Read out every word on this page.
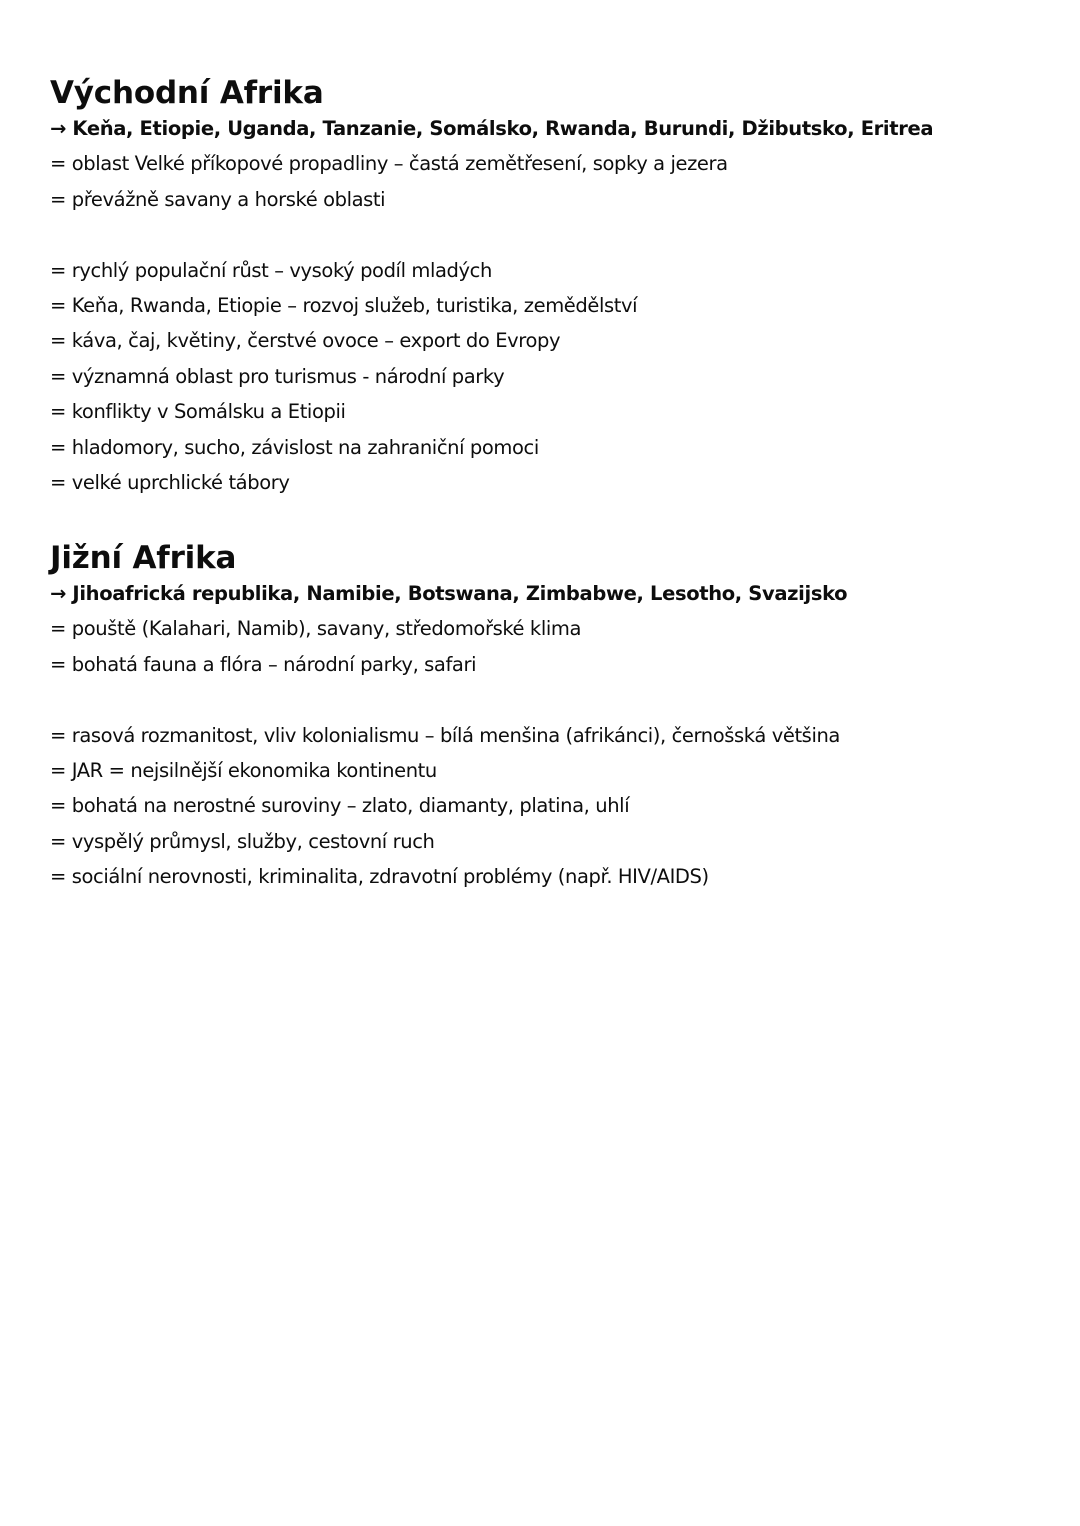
Východní Afrika
→ Keňa, Etiopie, Uganda, Tanzanie, Somálsko, Rwanda, Burundi, Džibutsko, Eritrea
= oblast Velké příkopové propadliny – častá zemětřesení, sopky a jezera
= převážně savany a horské oblasti
= rychlý populační růst – vysoký podíl mladých
= Keňa, Rwanda, Etiopie – rozvoj služeb, turistika, zemědělství
= káva, čaj, květiny, čerstvé ovoce – export do Evropy
= významná oblast pro turismus - národní parky
= konflikty v Somálsku a Etiopii
= hladomory, sucho, závislost na zahraniční pomoci
= velké uprchlické tábory
Jižní Afrika
→ Jihoafrická republika, Namibie, Botswana, Zimbabwe, Lesotho, Svazijsko
= pouště (Kalahari, Namib), savany, středomořské klima
= bohatá fauna a flóra – národní parky, safari
= rasová rozmanitost, vliv kolonialismu – bílá menšina (afrikánci), černošská většina
= JAR = nejsilnější ekonomika kontinentu
= bohatá na nerostné suroviny – zlato, diamanty, platina, uhlí
= vyspělý průmysl, služby, cestovní ruch
= sociální nerovnosti, kriminalita, zdravotní problémy (např. HIV/AIDS)
